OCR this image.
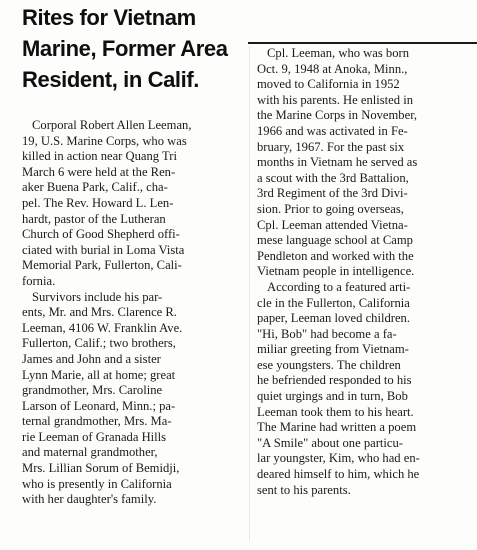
Rites for Vietnam
Marine, Former Area
Resident, in Calif.

Corporal Robert Allen Leeman,
19, U.S. Marine Corps, who was
killed in action near Quang Tri
March 6 were held at the Ren-
aker Buena Park, Calif., cha-
pel. The Rev. Howard L. Len-
hardt, pastor of the Lutheran
Church of Good Shepherd offi-
ciated with burial in Loma Vista
Memorial Park, Fullerton, Cali-
fornia.

Survivors include his par-
ents, Mr. and Mrs. Clarence R.
Leeman, 4106 W. Franklin Ave.
Fullerton, Calif.; two brothers,
James and John and a sister
Lynn Marie, all at home; great
grandmother, Mrs. Caroline
Larson of Leonard, Minn.; pa-
ternal grandmother, Mrs. Ma-
rie Leeman of Granada Hills
and maternal grandmother,
Mrs. Lillian Sorum of Bemidji,
who is presently in California
with her daughter's family.

Cpl. Leeman, who was born
Oct. 9, 1948 at Anoka, Minn.,
moved to California in 1952
with his parents. He enlisted in
the Marine Corps in November,
1966 and was activated in Fe-
bruary, 1967. For the past six
months in Vietnam he served as
a scout with the 3rd Battalion,
3rd Regiment of the 3rd Divi-
sion. Prior to going overseas,
Cpl. Leeman attended Vietna-
mese language school at Camp
Pendleton and worked with the
Vietnam people in intelligence.

According to a featured arti-
cle in the Fullerton, California
paper, Leeman loved children.
"Hi, Bob" had become a fa-
miliar greeting from Vietnam-
ese youngsters. The children
he befriended responded to his
quiet urgings and in turn, Bob
Leeman took them to his heart.
The Marine had written a poem
"A Smile" about one particu-
lar youngster, Kim, who had en-
deared himself to him, which he
sent to his parents.
